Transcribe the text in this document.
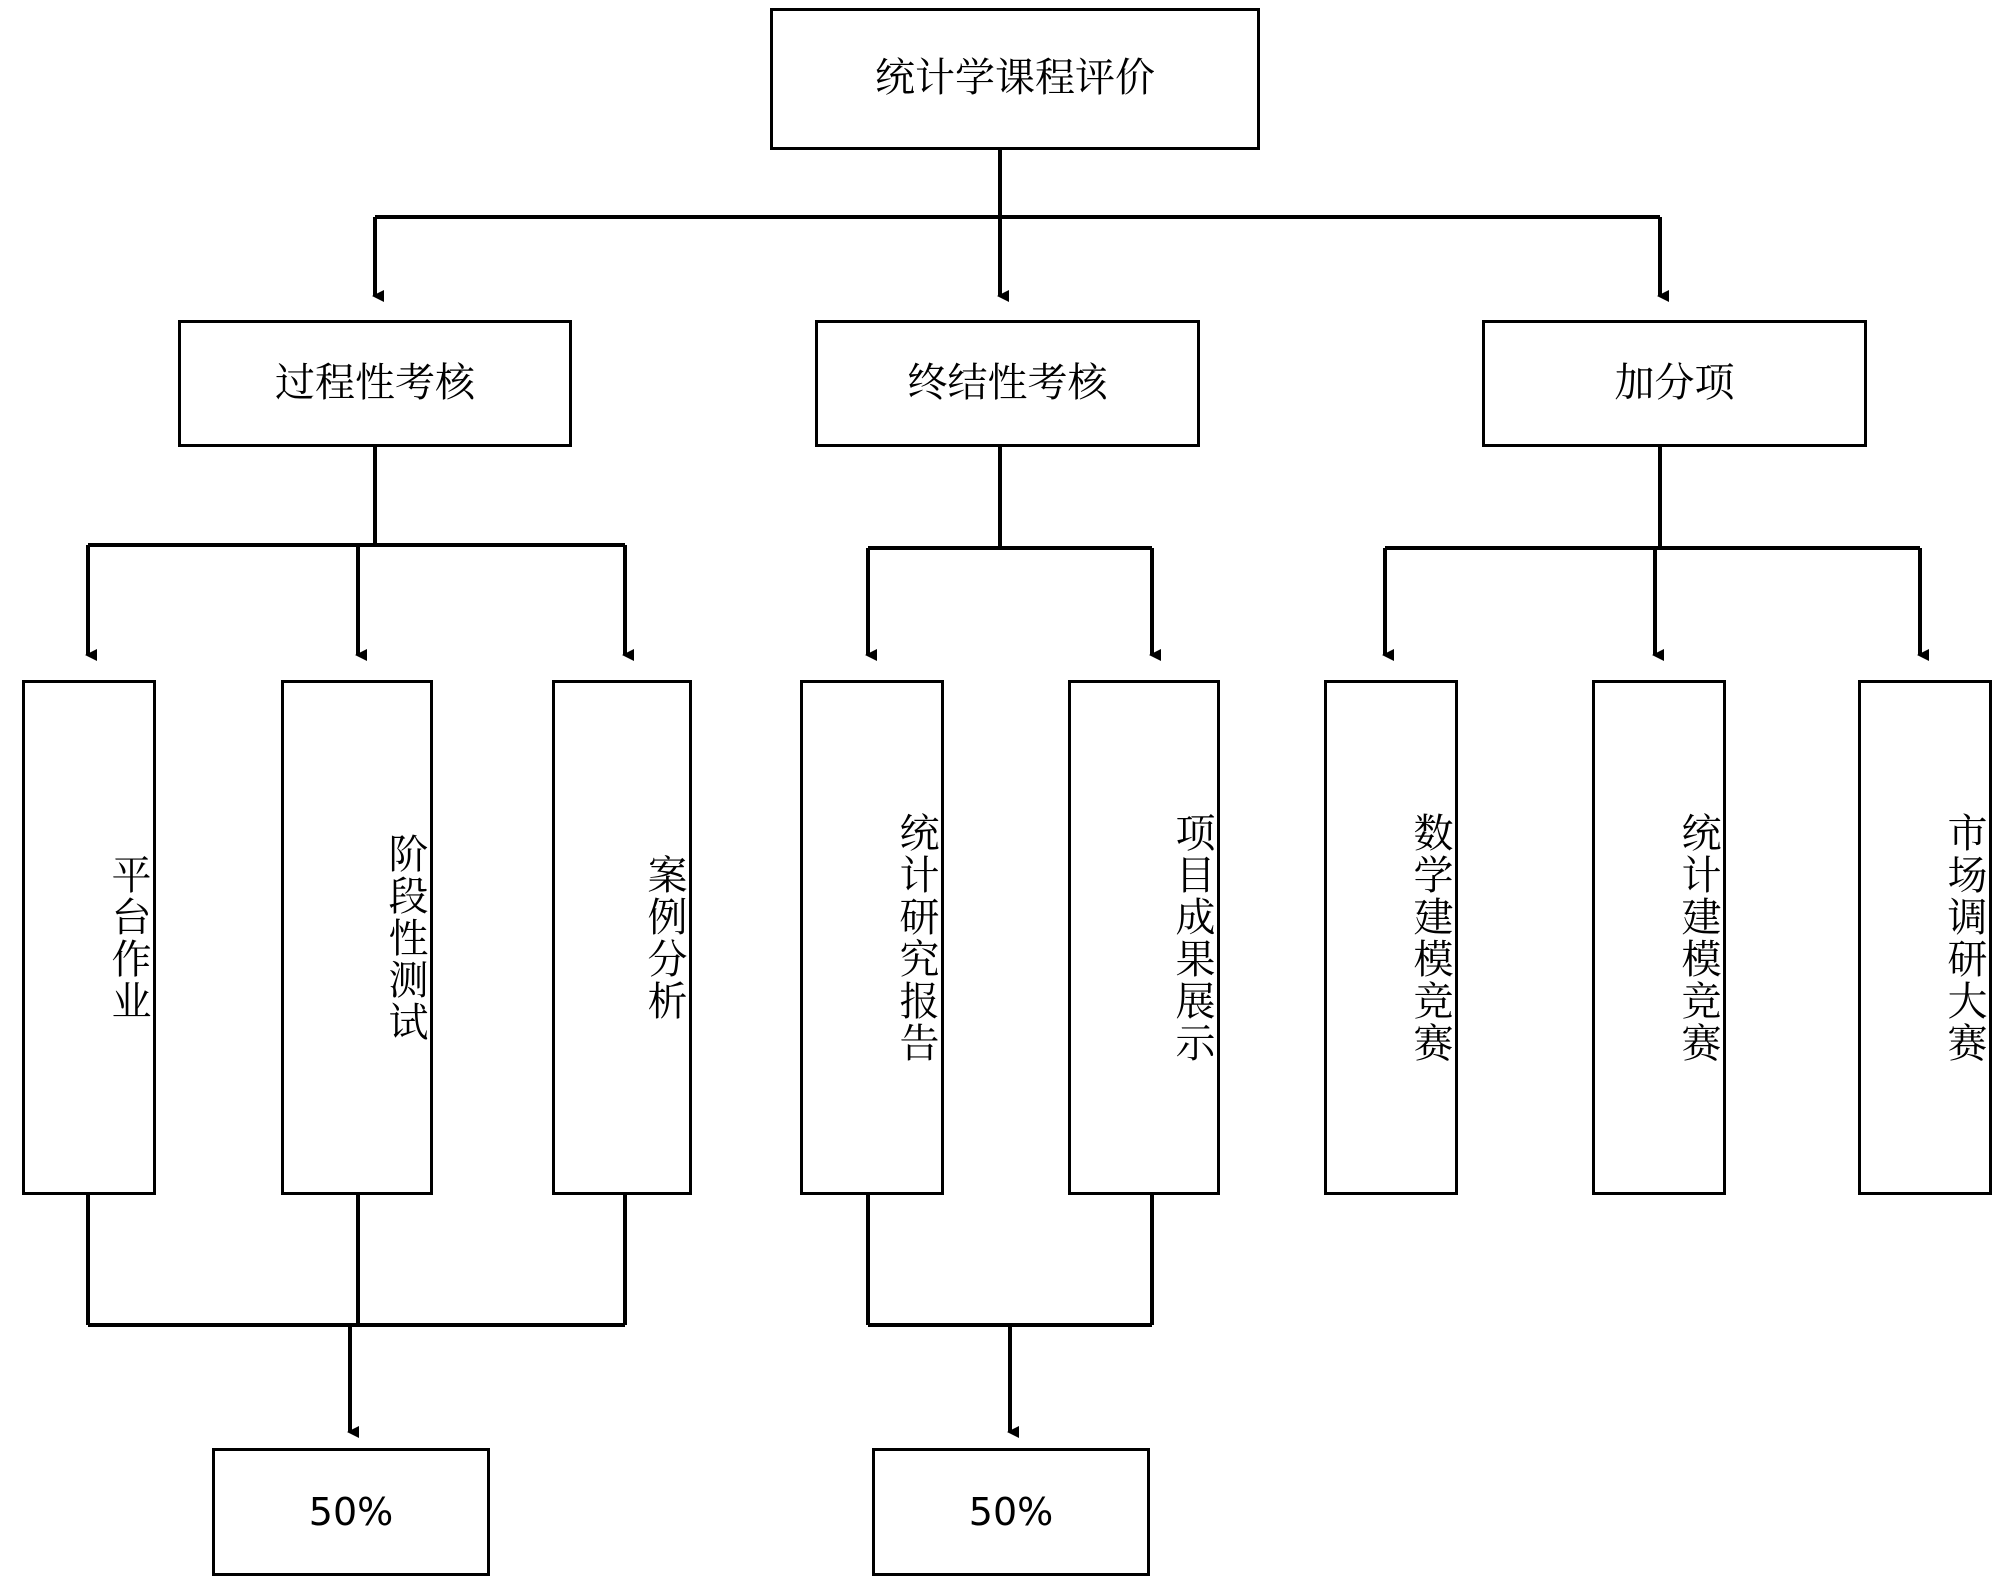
统计学课程评价
过程性考核	终结性考核	加分项
平台作业	阶段性测试	案例分析	统计研究报告	项目成果展示	数学建模竞赛	统计建模竞赛	市场调研大赛
50%	50%
